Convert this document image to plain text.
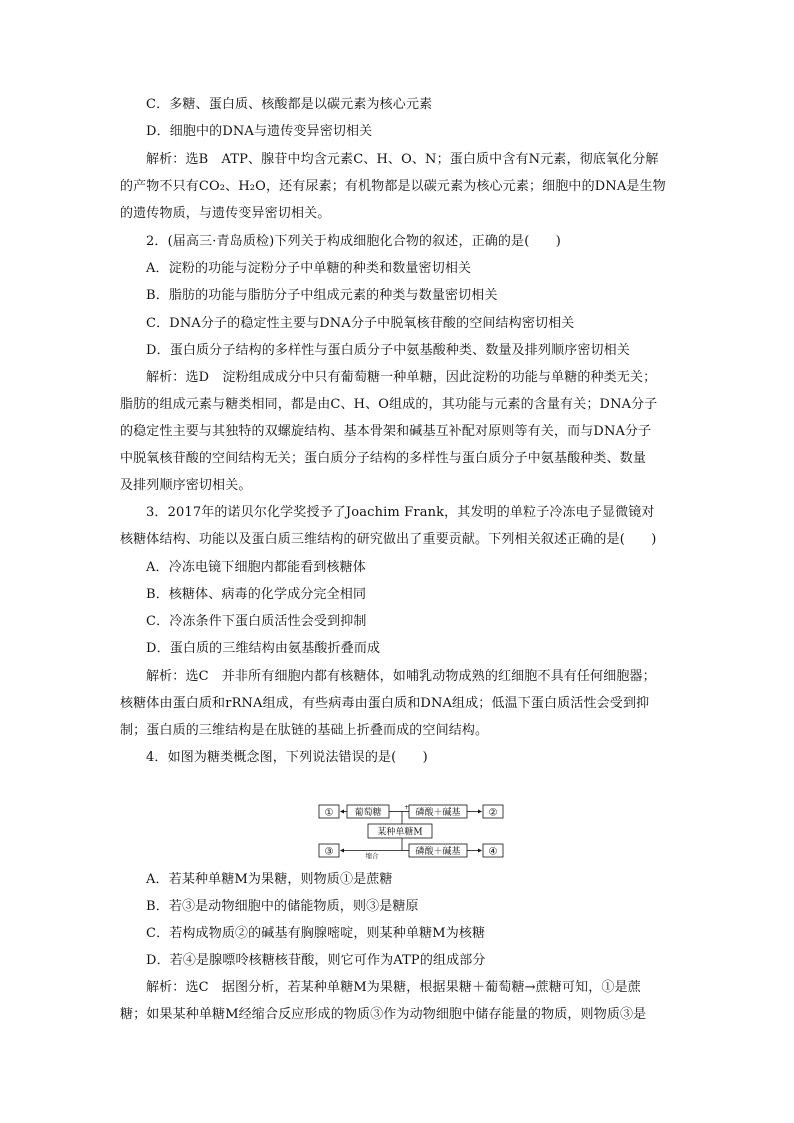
C．多糖、蛋白质、核酸都是以碳元素为核心元素
D．细胞中的DNA与遗传变异密切相关
解析：选B　ATP、腺苷中均含元素C、H、O、N；蛋白质中含有N元素，彻底氧化分解
的产物不只有CO₂、H₂O，还有尿素；有机物都是以碳元素为核心元素；细胞中的DNA是生物
的遗传物质，与遗传变异密切相关。
2．(届高三·青岛质检)下列关于构成细胞化合物的叙述，正确的是(　　)
A．淀粉的功能与淀粉分子中单糖的种类和数量密切相关
B．脂肪的功能与脂肪分子中组成元素的种类与数量密切相关
C．DNA分子的稳定性主要与DNA分子中脱氧核苷酸的空间结构密切相关
D．蛋白质分子结构的多样性与蛋白质分子中氨基酸种类、数量及排列顺序密切相关
解析：选D　淀粉组成成分中只有葡萄糖一种单糖，因此淀粉的功能与单糖的种类无关；
脂肪的组成元素与糖类相同，都是由C、H、O组成的，其功能与元素的含量有关；DNA分子
的稳定性主要与其独特的双螺旋结构、基本骨架和碱基互补配对原则等有关，而与DNA分子
中脱氧核苷酸的空间结构无关；蛋白质分子结构的多样性与蛋白质分子中氨基酸种类、数量
及排列顺序密切相关。
3．2017年的诺贝尔化学奖授予了Joachim Frank，其发明的单粒子冷冻电子显微镜对
核糖体结构、功能以及蛋白质三维结构的研究做出了重要贡献。下列相关叙述正确的是(　　)
A．冷冻电镜下细胞内都能看到核糖体
B．核糖体、病毒的化学成分完全相同
C．冷冻条件下蛋白质活性会受到抑制
D．蛋白质的三维结构由氨基酸折叠而成
解析：选C　并非所有细胞内都有核糖体，如哺乳动物成熟的红细胞不具有任何细胞器；
核糖体由蛋白质和rRNA组成，有些病毒由蛋白质和DNA组成；低温下蛋白质活性会受到抑
制；蛋白质的三维结构是在肽链的基础上折叠而成的空间结构。
4．如图为糖类概念图，下列说法错误的是(　　)
① 葡萄糖	磷酸＋碱基	②
+
某种单糖M
缩合
③	磷酸＋碱基	④
A．若某种单糖M为果糖，则物质①是蔗糖
B．若③是动物细胞中的储能物质，则③是糖原
C．若构成物质②的碱基有胸腺嘧啶，则某种单糖M为核糖
D．若④是腺嘌呤核糖核苷酸，则它可作为ATP的组成部分
解析：选C　据图分析，若某种单糖M为果糖，根据果糖＋葡萄糖→蔗糖可知，①是蔗
糖；如果某种单糖M经缩合反应形成的物质③作为动物细胞中储存能量的物质，则物质③是
